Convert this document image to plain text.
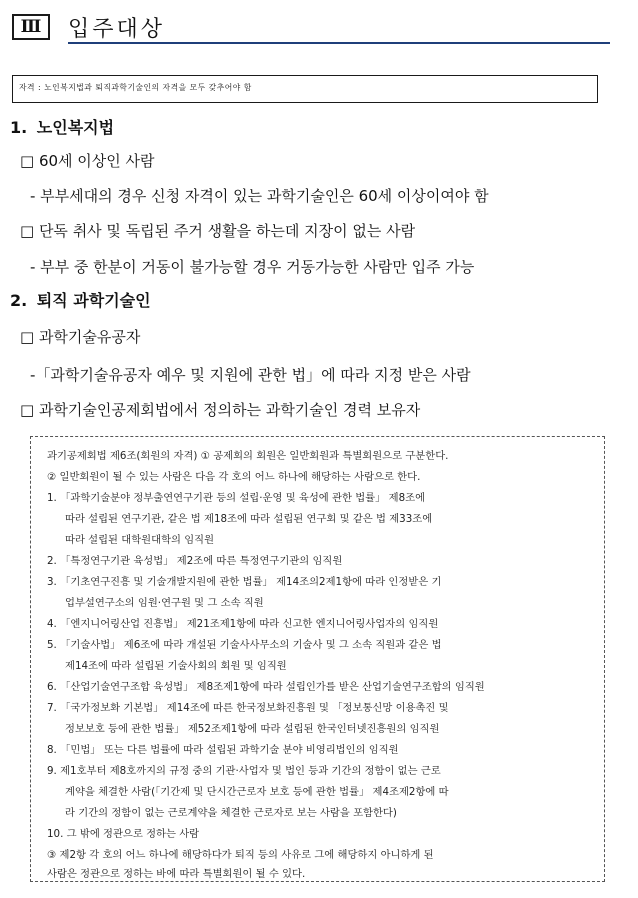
Ⅲ	입주대상
자격 : 노인복지법과 퇴직과학기술인의 자격을 모두 갖추어야 함
1. 노인복지법
□ 60세 이상인 사람
- 부부세대의 경우 신청 자격이 있는 과학기술인은 60세 이상이여야 함
□ 단독 취사 및 독립된 주거 생활을 하는데 지장이 없는 사람
- 부부 중 한분이 거동이 불가능할 경우 거동가능한 사람만 입주 가능
2. 퇴직 과학기술인
□ 과학기술유공자
-「과학기술유공자 예우 및 지원에 관한 법」에 따라 지정 받은 사람
□ 과학기술인공제회법에서 정의하는 과학기술인 경력 보유자
과기공제회법 제6조(회원의 자격) ① 공제회의 회원은 일반회원과 특별회원으로 구분한다.
② 일반회원이 될 수 있는 사람은 다음 각 호의 어느 하나에 해당하는 사람으로 한다.
1. 「과학기술분야 정부출연연구기관 등의 설립·운영 및 육성에 관한 법률」 제8조에
따라 설립된 연구기관, 같은 법 제18조에 따라 설립된 연구회 및 같은 법 제33조에
따라 설립된 대학원대학의 임직원
2. 「특정연구기관 육성법」 제2조에 따른 특정연구기관의 임직원
3. 「기초연구진흥 및 기술개발지원에 관한 법률」 제14조의2제1항에 따라 인정받은 기
업부설연구소의 임원·연구원 및 그 소속 직원
4. 「엔지니어링산업 진흥법」 제21조제1항에 따라 신고한 엔지니어링사업자의 임직원
5. 「기술사법」 제6조에 따라 개설된 기술사사무소의 기술사 및 그 소속 직원과 같은 법
제14조에 따라 설립된 기술사회의 회원 및 임직원
6. 「산업기술연구조합 육성법」 제8조제1항에 따라 설립인가를 받은 산업기술연구조합의 임직원
7. 「국가정보화 기본법」 제14조에 따른 한국정보화진흥원 및 「정보통신망 이용촉진 및
정보보호 등에 관한 법률」 제52조제1항에 따라 설립된 한국인터넷진흥원의 임직원
8. 「민법」 또는 다른 법률에 따라 설립된 과학기술 분야 비영리법인의 임직원
9. 제1호부터 제8호까지의 규정 중의 기관·사업자 및 법인 등과 기간의 정함이 없는 근로
계약을 체결한 사람(「기간제 및 단시간근로자 보호 등에 관한 법률」 제4조제2항에 따
라 기간의 정함이 없는 근로계약을 체결한 근로자로 보는 사람을 포함한다)
10. 그 밖에 정관으로 정하는 사람
③ 제2항 각 호의 어느 하나에 해당하다가 퇴직 등의 사유로 그에 해당하지 아니하게 된
사람은 정관으로 정하는 바에 따라 특별회원이 될 수 있다.
